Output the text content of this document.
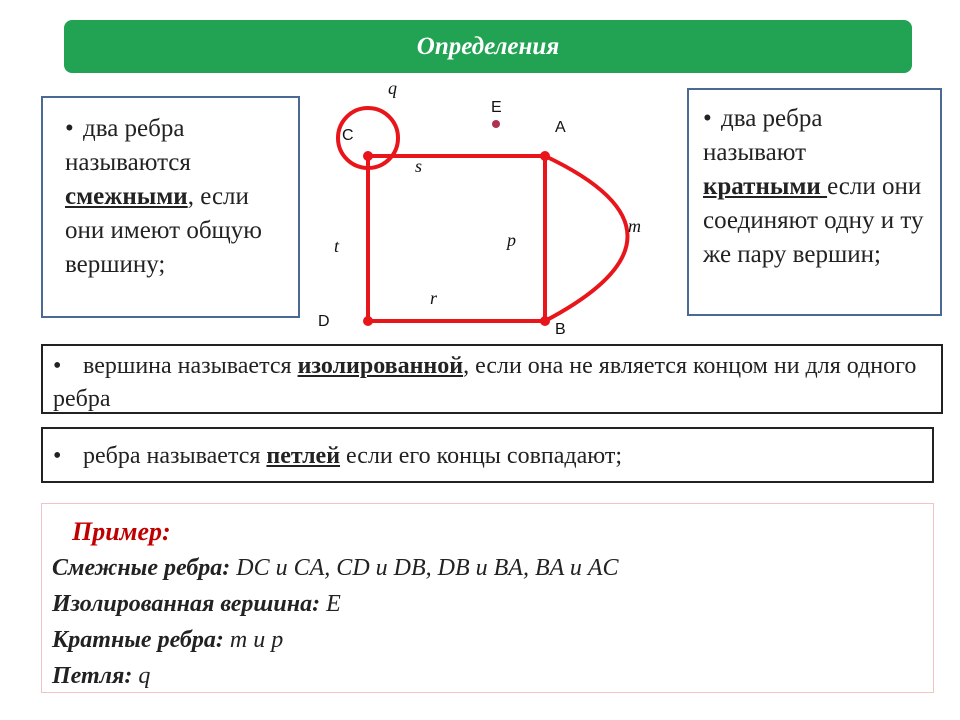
Определения
• два ребра называются смежными, если они имеют общую вершину;
• два ребра называют кратными если они соединяют одну и ту же пару вершин;
C	A
D	B
E
q
s
p
t
r
m
• вершина называется изолированной, если она не является концом ни для одного ребра
• ребра называется петлей если его концы совпадают;
Пример:
Смежные ребра: DC и CA, CD и DB, DB и BA, BA и AC
Изолированная вершина: E
Кратные ребра: m и p
Петля: q
